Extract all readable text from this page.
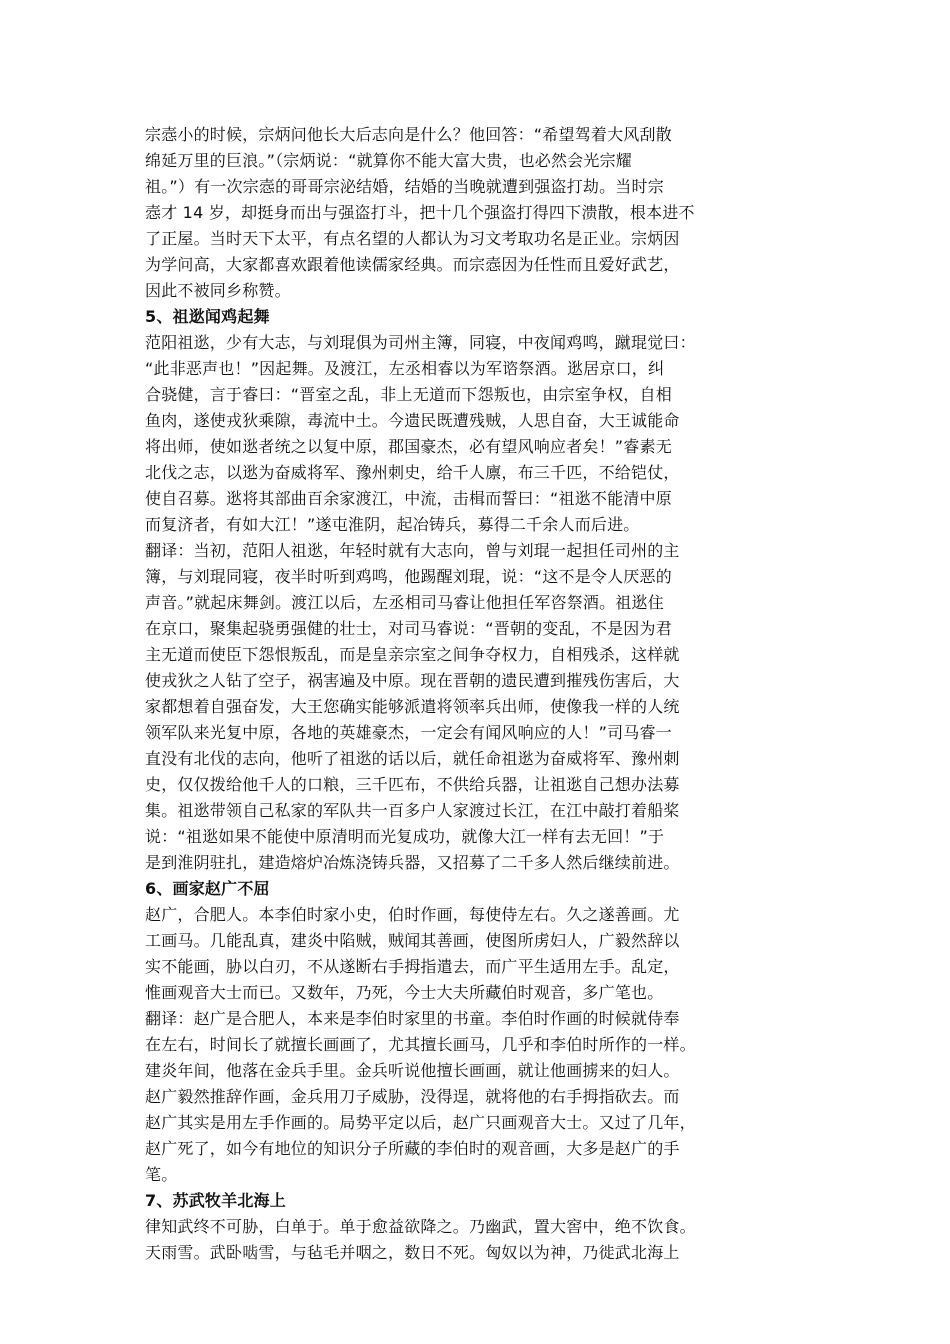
宗悫小的时候，宗炳问他长大后志向是什么？他回答：“希望驾着大风刮散
绵延万里的巨浪。”（宗炳说：“就算你不能大富大贵，也必然会光宗耀
祖。”）有一次宗悫的哥哥宗泌结婚，结婚的当晚就遭到强盗打劫。当时宗
悫才 14 岁，却挺身而出与强盗打斗，把十几个强盗打得四下溃散，根本进不
了正屋。当时天下太平，有点名望的人都认为习文考取功名是正业。宗炳因
为学问高，大家都喜欢跟着他读儒家经典。而宗悫因为任性而且爱好武艺，
因此不被同乡称赞。
5、祖逖闻鸡起舞
范阳祖逖，少有大志，与刘琨俱为司州主簿，同寝，中夜闻鸡鸣，蹴琨觉曰：
“此非恶声也！”因起舞。及渡江，左丞相睿以为军谘祭酒。逖居京口，纠
合骁健，言于睿曰：“晋室之乱，非上无道而下怨叛也，由宗室争权，自相
鱼肉，遂使戎狄乘隙，毒流中土。今遗民既遭残贼，人思自奋，大王诚能命
将出师，使如逖者统之以复中原，郡国豪杰，必有望风响应者矣！”睿素无
北伐之志，以逖为奋威将军、豫州刺史，给千人廪，布三千匹，不给铠仗，
使自召募。逖将其部曲百余家渡江，中流，击楫而誓曰：“祖逖不能清中原
而复济者，有如大江！”遂屯淮阴，起冶铸兵，募得二千余人而后进。
翻译：当初，范阳人祖逖，年轻时就有大志向，曾与刘琨一起担任司州的主
簿，与刘琨同寝，夜半时听到鸡鸣，他踢醒刘琨，说：“这不是令人厌恶的
声音。”就起床舞剑。渡江以后，左丞相司马睿让他担任军咨祭酒。祖逖住
在京口，聚集起骁勇强健的壮士，对司马睿说：“晋朝的变乱，不是因为君
主无道而使臣下怨恨叛乱，而是皇亲宗室之间争夺权力，自相残杀，这样就
使戎狄之人钻了空子，祸害遍及中原。现在晋朝的遗民遭到摧残伤害后，大
家都想着自强奋发，大王您确实能够派遣将领率兵出师，使像我一样的人统
领军队来光复中原，各地的英雄豪杰，一定会有闻风响应的人！”司马睿一
直没有北伐的志向，他听了祖逖的话以后，就任命祖逖为奋威将军、豫州刺
史，仅仅拨给他千人的口粮，三千匹布，不供给兵器，让祖逖自己想办法募
集。祖逖带领自己私家的军队共一百多户人家渡过长江，在江中敲打着船桨
说：“祖逖如果不能使中原清明而光复成功，就像大江一样有去无回！”于
是到淮阴驻扎，建造熔炉冶炼浇铸兵器，又招募了二千多人然后继续前进。
6、画家赵广不屈
赵广，合肥人。本李伯时家小史，伯时作画，每使侍左右。久之遂善画。尤
工画马。几能乱真，建炎中陷贼，贼闻其善画，使图所虏妇人，广毅然辞以
实不能画，胁以白刃，不从遂断右手拇指遣去，而广平生适用左手。乱定，
惟画观音大士而已。又数年，乃死，今士大夫所藏伯时观音，多广笔也。
翻译：赵广是合肥人，本来是李伯时家里的书童。李伯时作画的时候就侍奉
在左右，时间长了就擅长画画了，尤其擅长画马，几乎和李伯时所作的一样。
建炎年间，他落在金兵手里。金兵听说他擅长画画，就让他画掳来的妇人。
赵广毅然推辞作画，金兵用刀子威胁，没得逞，就将他的右手拇指砍去。而
赵广其实是用左手作画的。局势平定以后，赵广只画观音大士。又过了几年，
赵广死了，如今有地位的知识分子所藏的李伯时的观音画，大多是赵广的手
笔。
7、苏武牧羊北海上
律知武终不可胁，白单于。单于愈益欲降之。乃幽武，置大窖中，绝不饮食。
天雨雪。武卧啮雪，与毡毛并咽之，数日不死。匈奴以为神，乃徙武北海上
